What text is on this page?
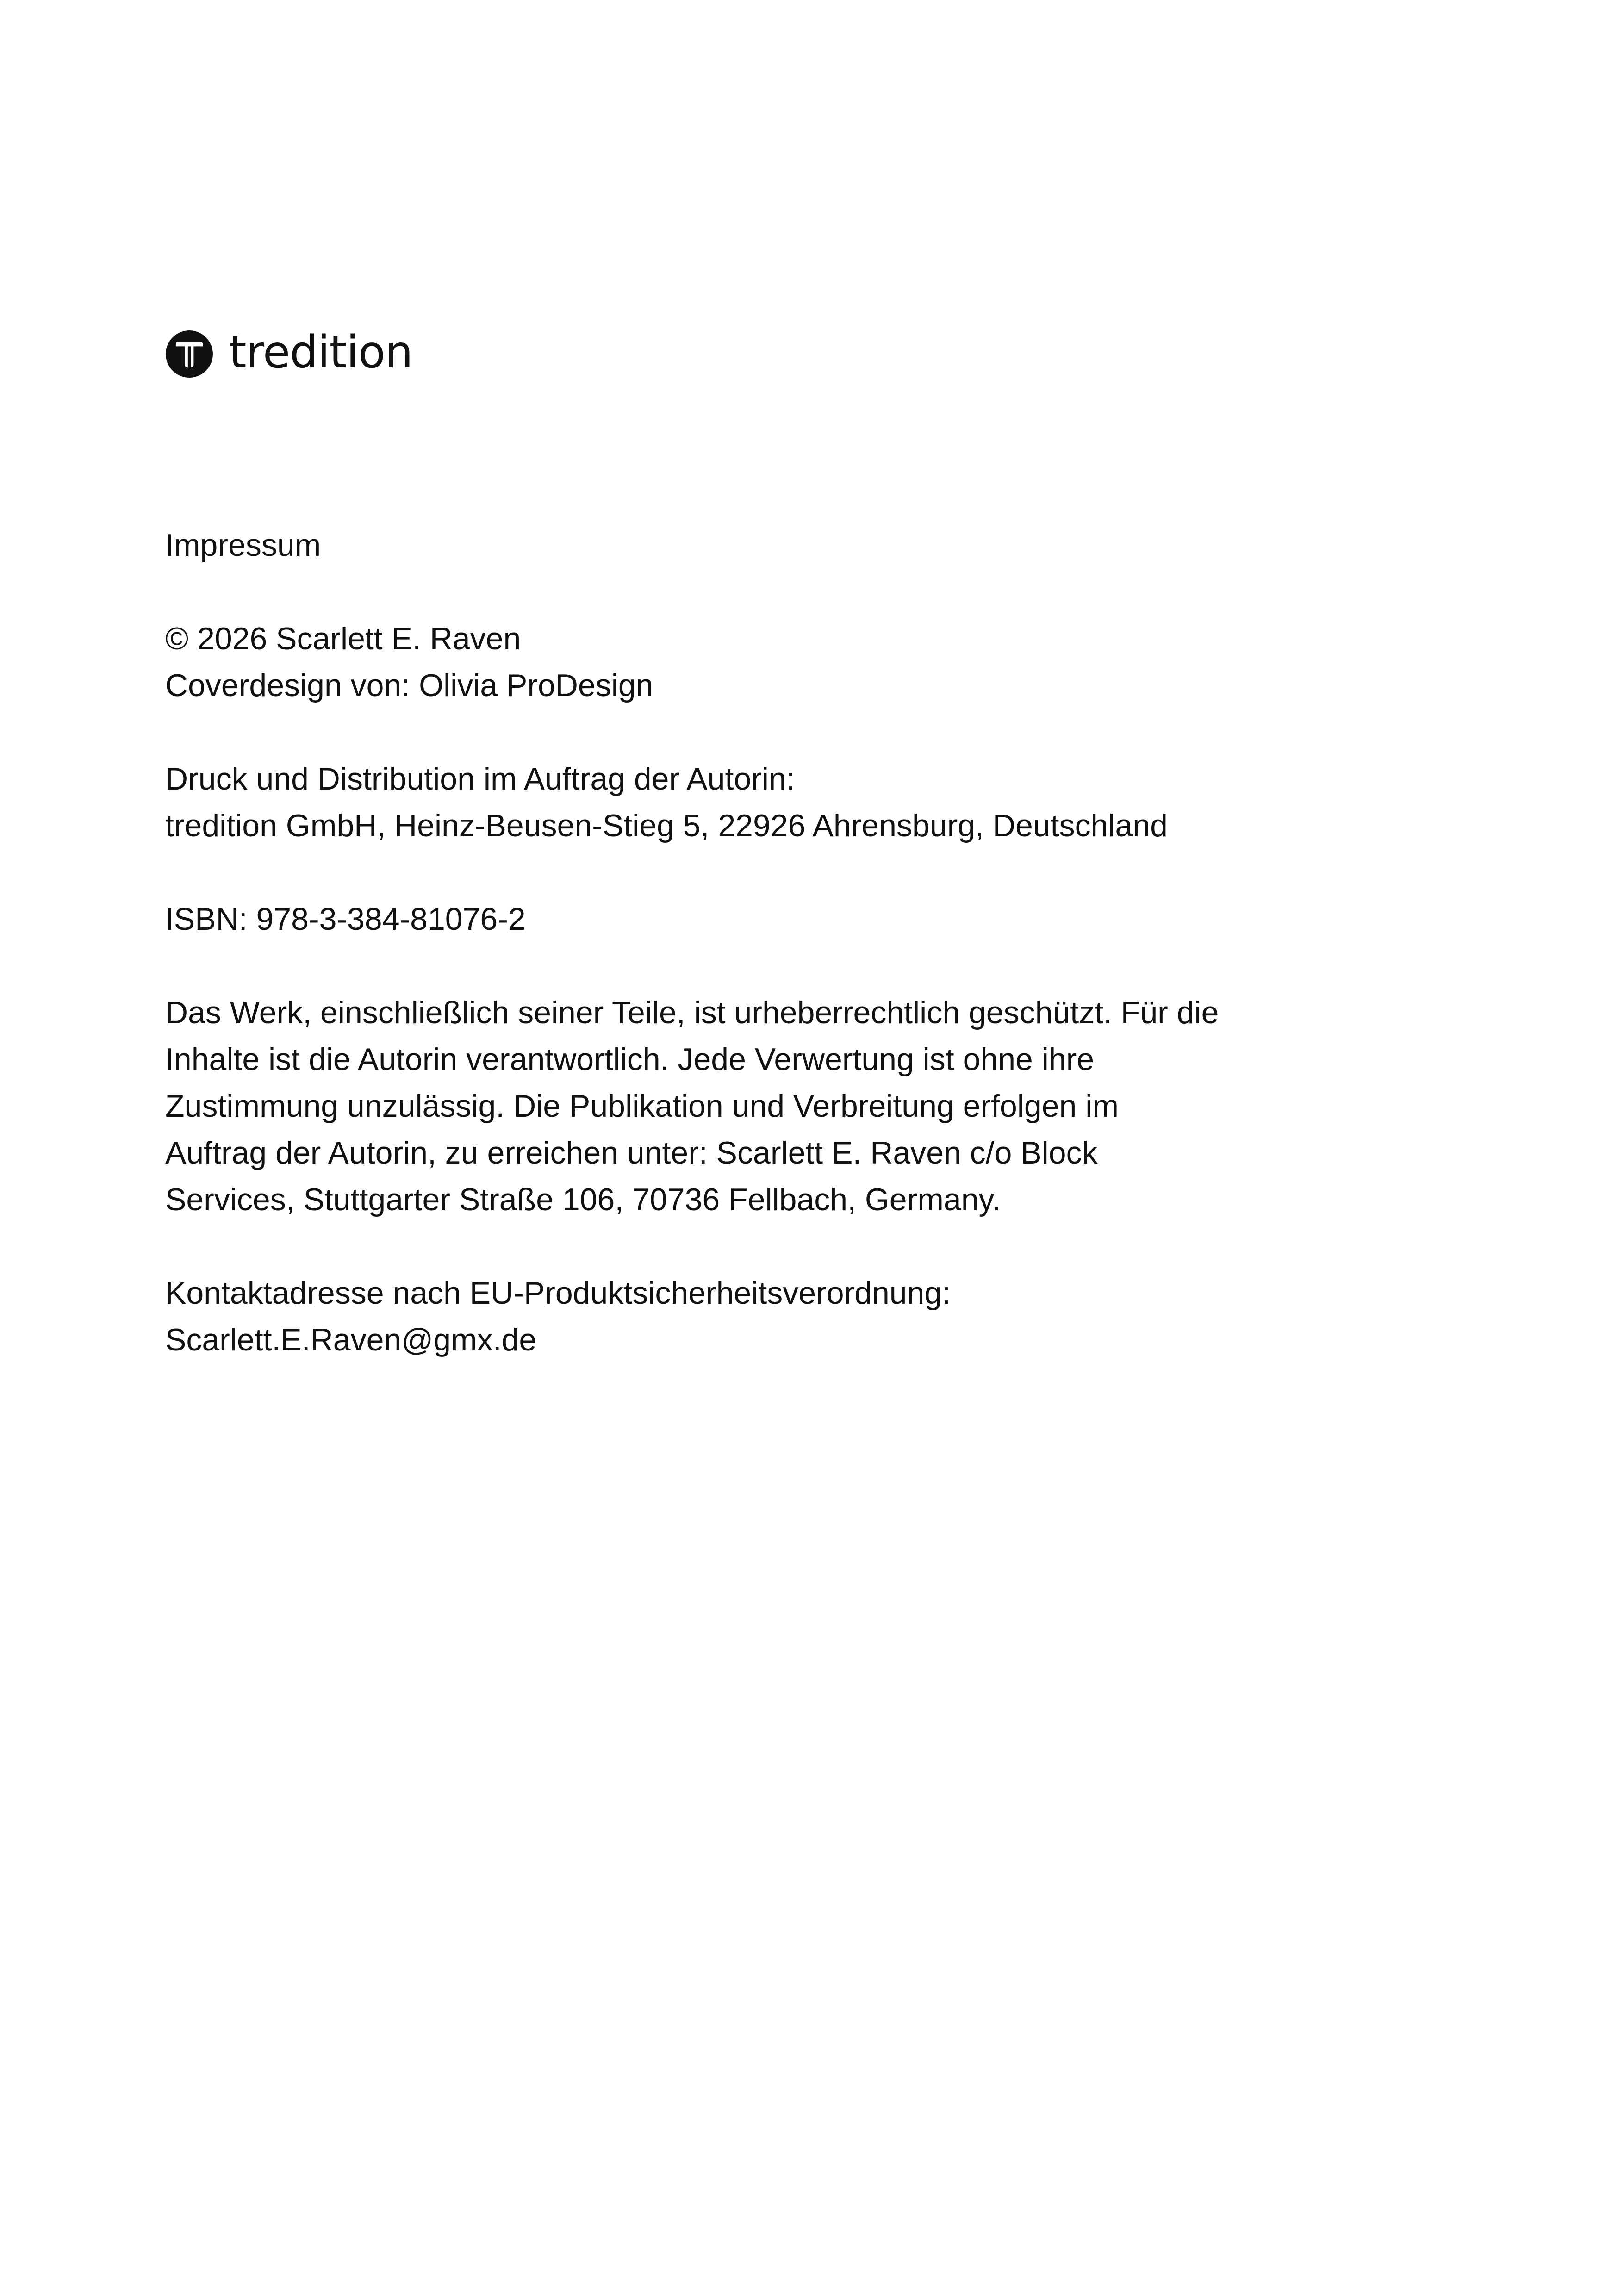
tredition

Impressum

© 2026 Scarlett E. Raven
Coverdesign von: Olivia ProDesign
Druck und Distribution im Auftrag der Autorin:
tredition GmbH, Heinz-Beusen-Stieg 5, 22926 Ahrensburg, Deutschland
ISBN: 978-3-384-81076-2
Das Werk, einschließlich seiner Teile, ist urheberrechtlich geschützt. Für die
Inhalte ist die Autorin verantwortlich. Jede Verwertung ist ohne ihre
Zustimmung unzulässig. Die Publikation und Verbreitung erfolgen im
Auftrag der Autorin, zu erreichen unter: Scarlett E. Raven c/o Block
Services, Stuttgarter Straße 106, 70736 Fellbach, Germany.
Kontaktadresse nach EU-Produktsicherheitsverordnung:
Scarlett.E.Raven@gmx.de
